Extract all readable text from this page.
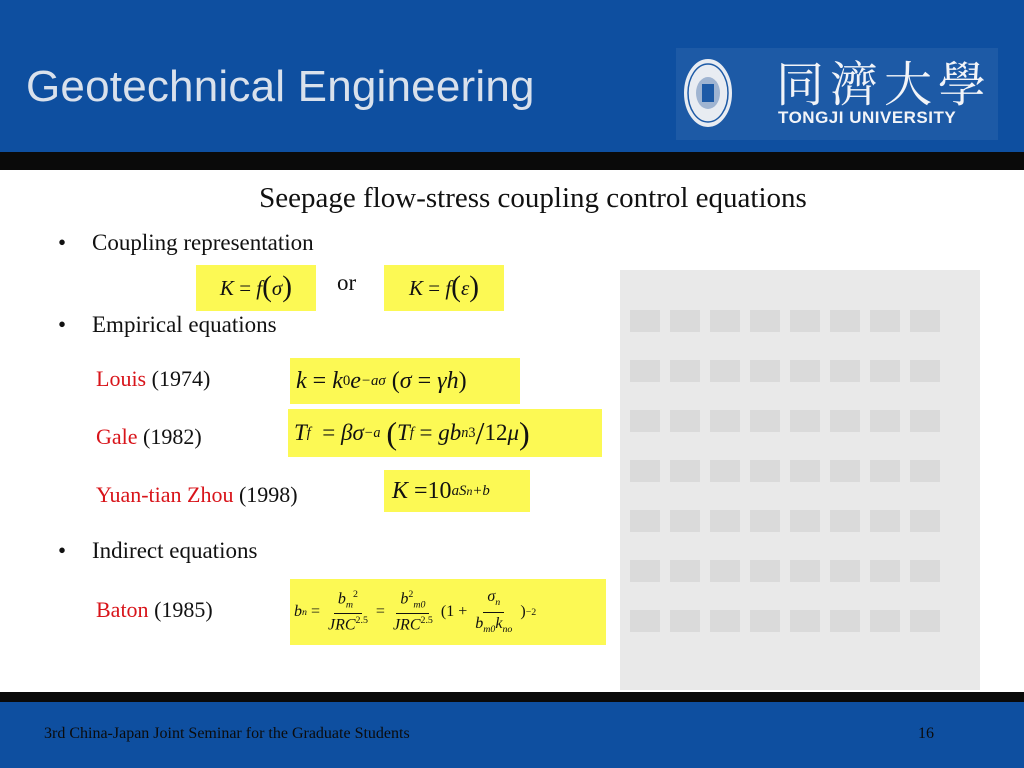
Geotechnical Engineering	同濟大學
TONGJI UNIVERSITY
Seepage flow-stress coupling control equations
• Coupling representation
K
=
f ( σ ) or	K
=
f ( ε )
• Empirical equations
Louis (1974)	k
=
k 0 e −aσ
( σ
=
γh )
Gale (1982)	T f
=
βσ −a
( T f
=
gb n 3 / 12 μ )
Yuan-tian Zhou (1998)	K
=10 aSn+b
• Indirect equations
Baton (1985)	b n
= $\frac{b_m^2}{JRC^{2.5}} = \frac{b^2_{m0}}{JRC^{2.5}} (1 + \frac{\sigma_n}{b_{m0}k_{no}}$ ) −2
3rd China-Japan Joint Seminar for the Graduate Students	16
